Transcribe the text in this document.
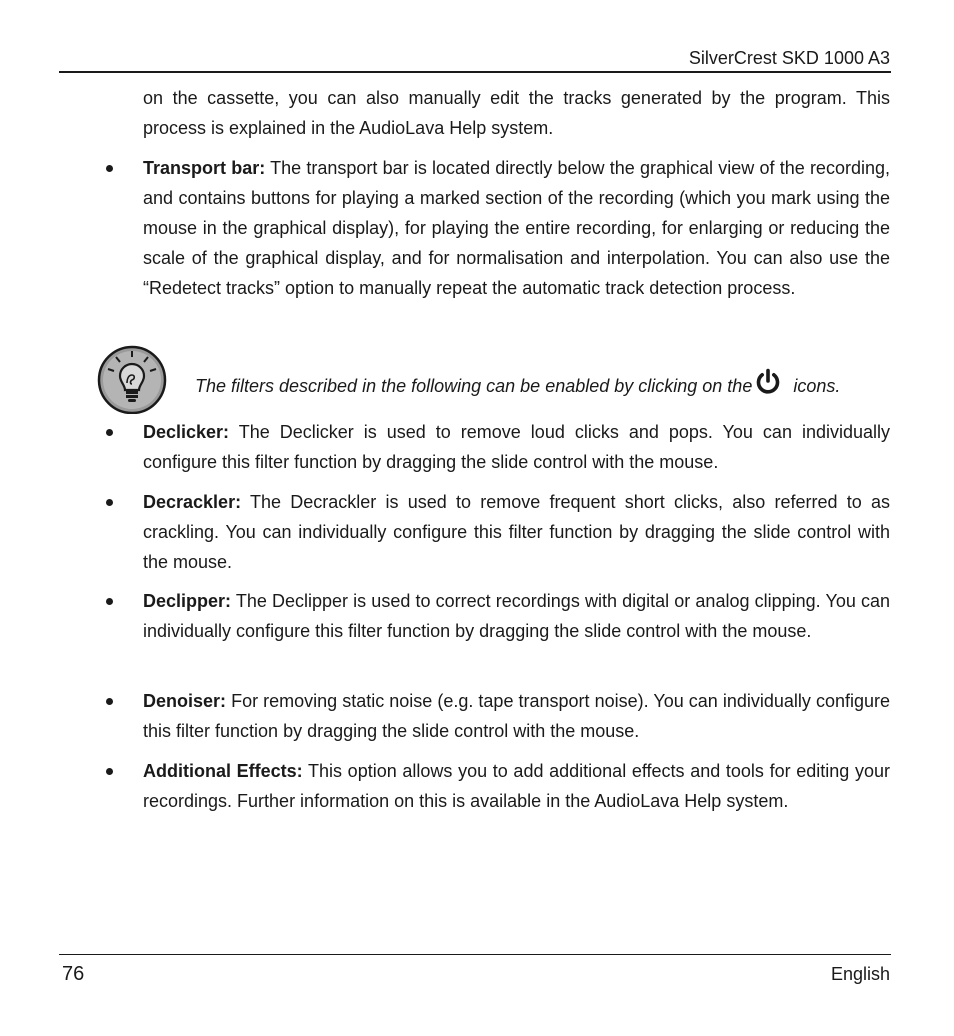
SilverCrest SKD 1000 A3
on the cassette, you can also manually edit the tracks generated by the program. This process is explained in the AudioLava Help system.
Transport bar: The transport bar is located directly below the graphical view of the recording, and contains buttons for playing a marked section of the recording (which you mark using the mouse in the graphical display), for playing the entire recording, for enlarging or reducing the scale of the graphical display, and for normalisation and interpolation. You can also use the “Redetect tracks” option to manually repeat the automatic track detection process.
The filters described in the following can be enabled by clicking on the icons.
Declicker: The Declicker is used to remove loud clicks and pops. You can individually configure this filter function by dragging the slide control with the mouse.
Decrackler: The Decrackler is used to remove frequent short clicks, also referred to as crackling. You can individually configure this filter function by dragging the slide control with the mouse.
Declipper: The Declipper is used to correct recordings with digital or analog clipping. You can individually configure this filter function by dragging the slide control with the mouse.
Denoiser: For removing static noise (e.g. tape transport noise). You can individually configure this filter function by dragging the slide control with the mouse.
Additional Effects: This option allows you to add additional effects and tools for editing your recordings. Further information on this is available in the AudioLava Help system.
76	English
